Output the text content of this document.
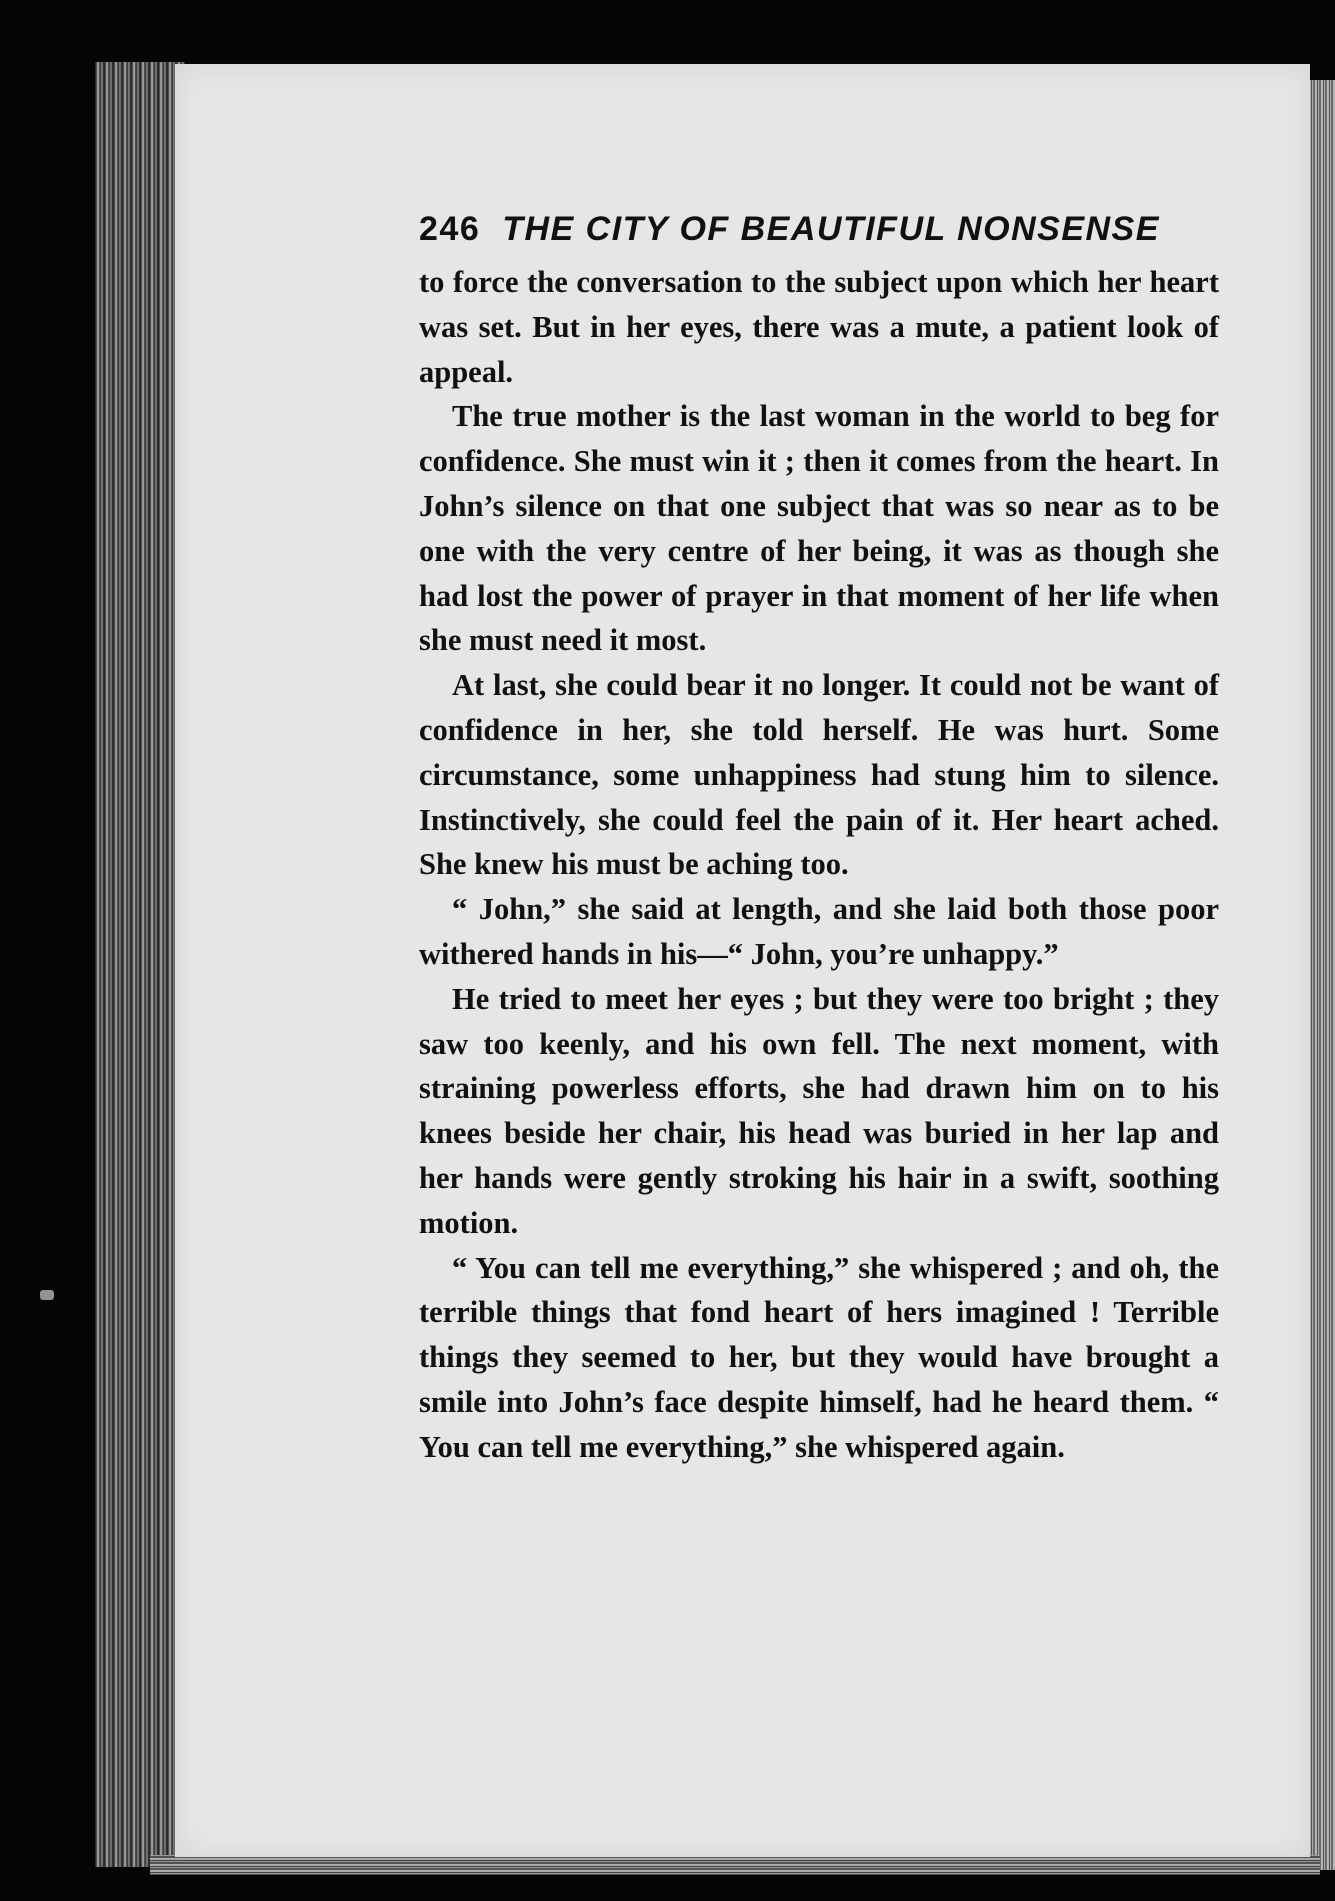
246 THE CITY OF BEAUTIFUL NONSENSE

to force the conversation to the subject upon which her heart was set. But in her eyes, there was a mute, a patient look of appeal.

The true mother is the last woman in the world to beg for confidence. She must win it ; then it comes from the heart. In John’s silence on that one subject that was so near as to be one with the very centre of her being, it was as though she had lost the power of prayer in that moment of her life when she must need it most.

At last, she could bear it no longer. It could not be want of confidence in her, she told herself. He was hurt. Some circumstance, some unhappiness had stung him to silence. Instinctively, she could feel the pain of it. Her heart ached. She knew his must be aching too.

“ John,” she said at length, and she laid both those poor withered hands in his—“ John, you’re unhappy.”

He tried to meet her eyes ; but they were too bright ; they saw too keenly, and his own fell. The next moment, with straining powerless efforts, she had drawn him on to his knees beside her chair, his head was buried in her lap and her hands were gently stroking his hair in a swift, soothing motion.

“ You can tell me everything,” she whispered ; and oh, the terrible things that fond heart of hers imagined ! Terrible things they seemed to her, but they would have brought a smile into John’s face despite himself, had he heard them. “ You can tell me everything,” she whispered again.
